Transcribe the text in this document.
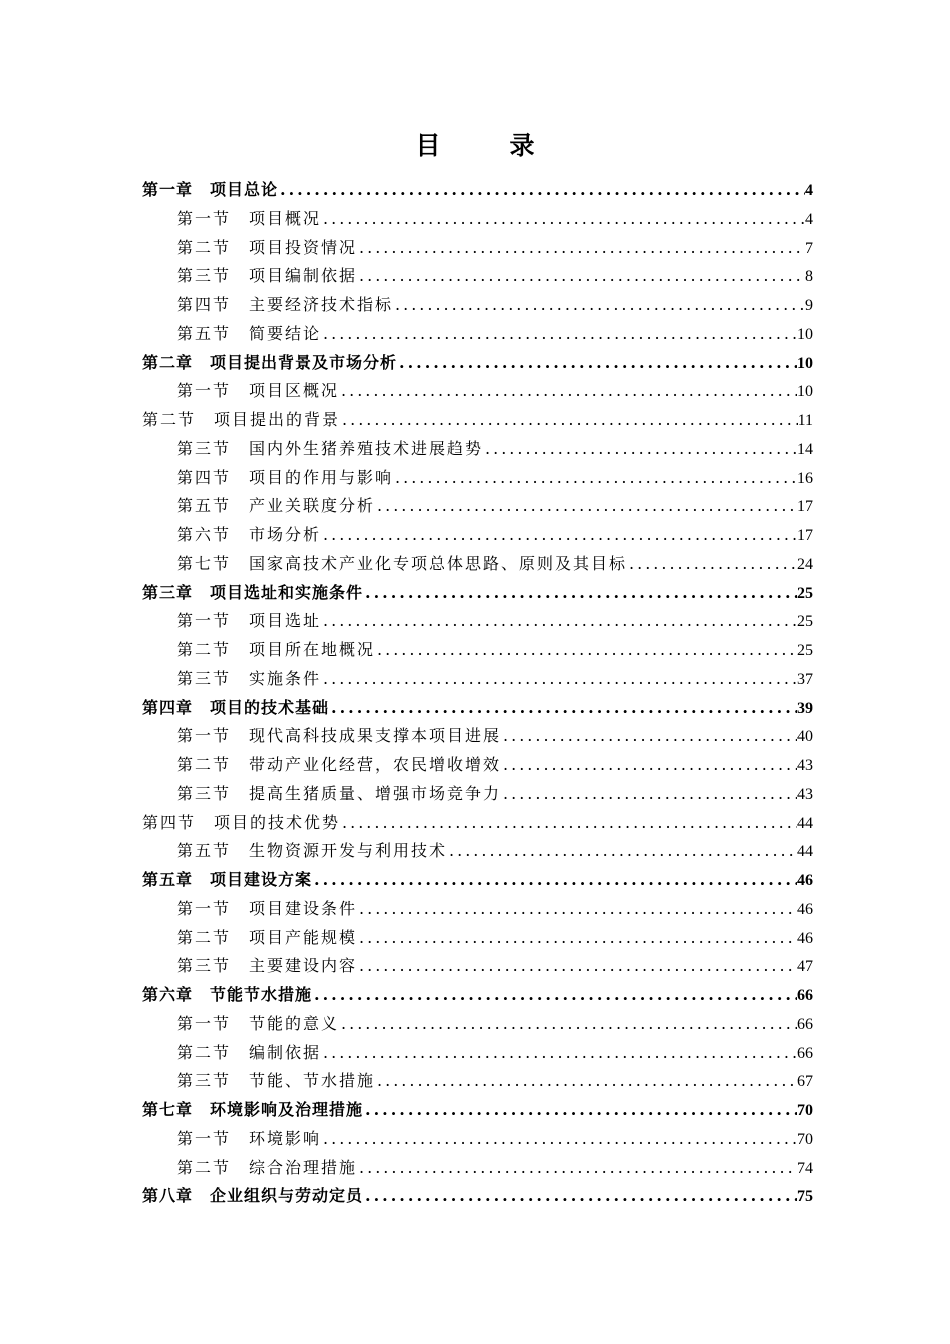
目　录
第一章　项目总论 .....	4
第一节　项目概况 .....	4
第二节　项目投资情况 .....	7
第三节　项目编制依据 .....	8
第四节　主要经济技术指标 .....	9
第五节　简要结论 .....	10
第二章　项目提出背景及市场分析 .....	10
第一节　项目区概况 .....	10
第二节　项目提出的背景 .....	11
第三节　国内外生猪养殖技术进展趋势 .....	14
第四节　项目的作用与影响 .....	16
第五节　产业关联度分析 .....	17
第六节　市场分析 .....	17
第七节　国家高技术产业化专项总体思路、原则及其目标 .....	24
第三章　项目选址和实施条件 .....	25
第一节　项目选址 .....	25
第二节　项目所在地概况 .....	25
第三节　实施条件 .....	37
第四章　项目的技术基础 .....	39
第一节　现代高科技成果支撑本项目进展 .....	40
第二节　带动产业化经营，农民增收增效 .....	43
第三节　提高生猪质量、增强市场竞争力 .....	43
第四节　项目的技术优势 .....	44
第五节　生物资源开发与利用技术 .....	44
第五章　项目建设方案 .....	46
第一节　项目建设条件 .....	46
第二节　项目产能规模 .....	46
第三节　主要建设内容 .....	47
第六章　节能节水措施 .....	66
第一节　节能的意义 .....	66
第二节　编制依据 .....	66
第三节　节能、节水措施 .....	67
第七章　环境影响及治理措施 .....	70
第一节　环境影响 .....	70
第二节　综合治理措施 .....	74
第八章　企业组织与劳动定员 .....	75
